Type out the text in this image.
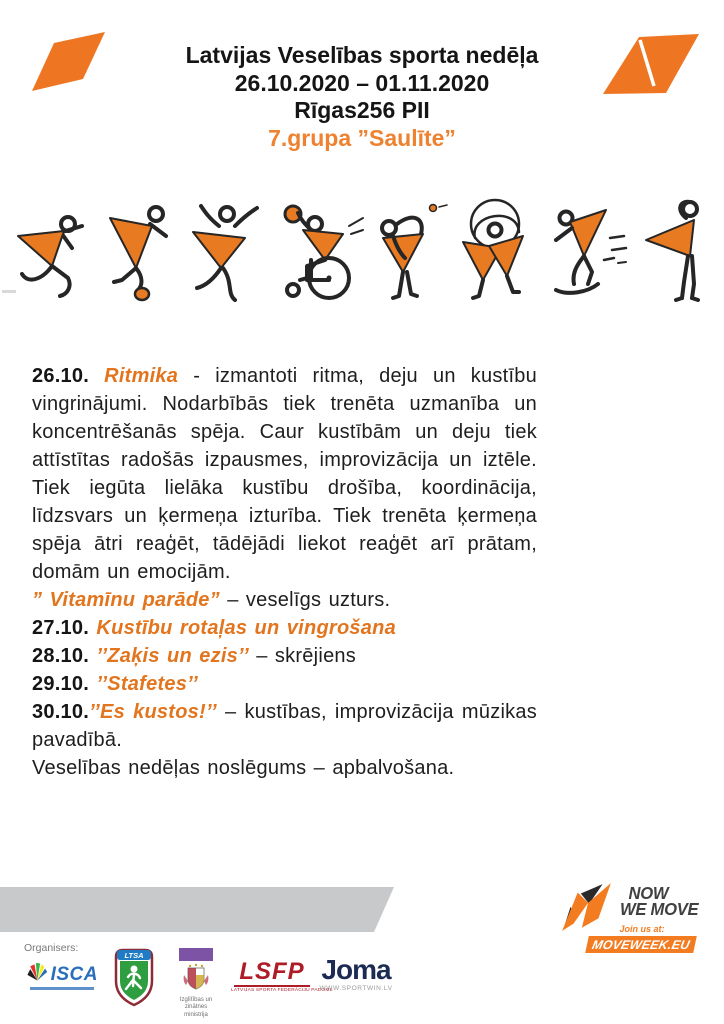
Latvijas Veselības sporta nedēļa
26.10.2020 – 01.11.2020
Rīgas256 PII
7.grupa ”Saulīte”

26.10. Ritmika - izmantoti ritma, deju un kustību vingrinājumi. Nodarbībās tiek trenēta uzmanība un koncentrēšanās spēja. Caur kustībām un deju tiek attīstītas radošās izpausmes, improvizācija un iztēle. Tiek iegūta lielāka kustību drošība, koordinācija, līdzsvars un ķermeņa izturība. Tiek trenēta ķermeņa spēja ātri reaģēt, tādējādi liekot reaģēt arī prātam, domām un emocijām.

” Vitamīnu parāde” – veselīgs uzturs.

27.10. Kustību rotaļas un vingrošana

28.10. ’’Zaķis un ezis’’ – skrējiens

29.10. ’’Stafetes’’

30.10.’’Es kustos!’’ – kustības, improvizācija mūzikas pavadībā.

Veselības nedēļas noslēgums – apbalvošana.

NOW
WE MOVE
Join us at:
MOVEWEEK.EU
Organisers:
ISCA
LTSA
Izglītības un zinātnes
ministrija
LSFP
LATVIJAS SPORTA FEDERĀCIJU PADOME
Joma
WWW.SPORTWIN.LV
